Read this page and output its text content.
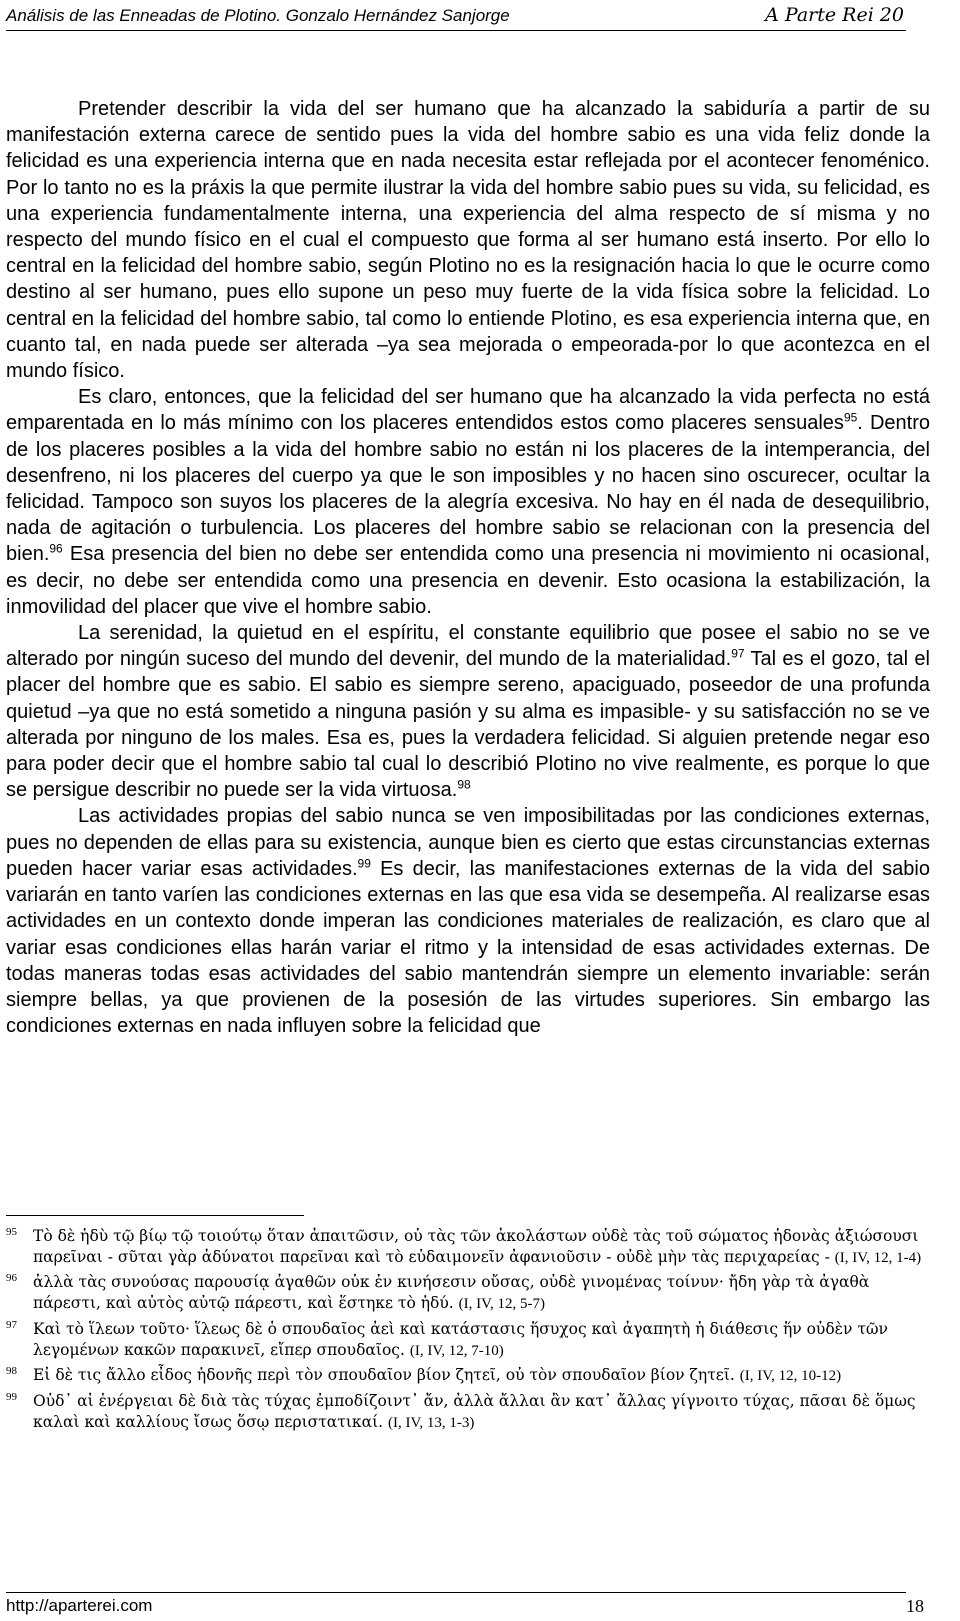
Análisis de las Enneadas de Plotino. Gonzalo Hernández Sanjorge	A Parte Rei 20

Pretender describir la vida del ser humano que ha alcanzado la sabiduría a partir de su manifestación externa carece de sentido pues la vida del hombre sabio es una vida feliz donde la felicidad es una experiencia interna que en nada necesita estar reflejada por el acontecer fenoménico. Por lo tanto no es la práxis la que permite ilustrar la vida del hombre sabio pues su vida, su felicidad, es una experiencia fundamentalmente interna, una experiencia del alma respecto de sí misma y no respecto del mundo físico en el cual el compuesto que forma al ser humano está inserto. Por ello lo central en la felicidad del hombre sabio, según Plotino no es la resignación hacia lo que le ocurre como destino al ser humano, pues ello supone un peso muy fuerte de la vida física sobre la felicidad. Lo central en la felicidad del hombre sabio, tal como lo entiende Plotino, es esa experiencia interna que, en cuanto tal, en nada puede ser alterada –ya sea mejorada o empeorada-por lo que acontezca en el mundo físico.

Es claro, entonces, que la felicidad del ser humano que ha alcanzado la vida perfecta no está emparentada en lo más mínimo con los placeres entendidos estos como placeres sensuales$^{95}$. Dentro de los placeres posibles a la vida del hombre sabio no están ni los placeres de la intemperancia, del desenfreno, ni los placeres del cuerpo ya que le son imposibles y no hacen sino oscurecer, ocultar la felicidad. Tampoco son suyos los placeres de la alegría excesiva. No hay en él nada de desequilibrio, nada de agitación o turbulencia. Los placeres del hombre sabio se relacionan con la presencia del bien.$^{96}$ Esa presencia del bien no debe ser entendida como una presencia ni movimiento ni ocasional, es decir, no debe ser entendida como una presencia en devenir. Esto ocasiona la estabilización, la inmovilidad del placer que vive el hombre sabio.

La serenidad, la quietud en el espíritu, el constante equilibrio que posee el sabio no se ve alterado por ningún suceso del mundo del devenir, del mundo de la materialidad.$^{97}$ Tal es el gozo, tal el placer del hombre que es sabio. El sabio es siempre sereno, apaciguado, poseedor de una profunda quietud –ya que no está sometido a ninguna pasión y su alma es impasible- y su satisfacción no se ve alterada por ninguno de los males. Esa es, pues la verdadera felicidad. Si alguien pretende negar eso para poder decir que el hombre sabio tal cual lo describió Plotino no vive realmente, es porque lo que se persigue describir no puede ser la vida virtuosa.$^{98}$

Las actividades propias del sabio nunca se ven imposibilitadas por las condiciones externas, pues no dependen de ellas para su existencia, aunque bien es cierto que estas circunstancias externas pueden hacer variar esas actividades.$^{99}$ Es decir, las manifestaciones externas de la vida del sabio variarán en tanto varíen las condiciones externas en las que esa vida se desempeña. Al realizarse esas actividades en un contexto donde imperan las condiciones materiales de realización, es claro que al variar esas condiciones ellas harán variar el ritmo y la intensidad de esas actividades externas. De todas maneras todas esas actividades del sabio mantendrán siempre un elemento invariable: serán siempre bellas, ya que provienen de la posesión de las virtudes superiores. Sin embargo las condiciones externas en nada influyen sobre la felicidad que

95 Τὸ δὲ ἡδὺ τῷ βίῳ τῷ τοιούτῳ ὅταν ἀπαιτῶσιν, οὐ τὰς τῶν ἀκολάστων οὐδὲ τὰς τοῦ σώματος ἡδονὰς ἀξιώσουσι παρεῖναι - σῦται γὰρ ἀδύνατοι παρεῖναι καὶ τὸ εὐδαιμονεῖν ἀφανιοῦσιν - οὐδὲ μὴν τὰς περιχαρείας - (I, IV, 12, 1-4)
96 ἀλλὰ τὰς συνούσας παρουσίᾳ ἀγαθῶν οὐκ ἐν κινήσεσιν οὔσας, οὐδὲ γινομένας τοίνυν· ἤδη γὰρ τὰ ἀγαθὰ πάρεστι, καὶ αὐτὸς αὐτῷ πάρεστι, καὶ ἕστηκε τὸ ἡδύ. (I, IV, 12, 5-7)
97 Καὶ τὸ ἵλεων τοῦτο· ἵλεως δὲ ὁ σπουδαῖος ἀεὶ καὶ κατάστασις ἥσυχος καὶ ἀγαπητὴ ἡ διάθεσις ἥν οὐδὲν τῶν λεγομένων κακῶν παρακινεῖ, εἴπερ σπουδαῖος. (I, IV, 12, 7-10)
98 Εἰ δὲ τις ἄλλο εἶδος ἡδονῆς περὶ τὸν σπουδαῖον βίον ζητεῖ, οὐ τὸν σπουδαῖον βίον ζητεῖ. (I, IV, 12, 10-12)
99 Οὐδ᾽ αἱ ἐνέργειαι δὲ διὰ τὰς τύχας ἐμποδίζοιντ᾽ ἄν, ἀλλὰ ἄλλαι ἂν κατ᾽ ἄλλας γίγνοιτο τύχας, πᾶσαι δὲ ὅμως καλαὶ καὶ καλλίους ἴσως ὅσῳ περιστατικαί. (I, IV, 13, 1-3)
http://aparterei.com	18
